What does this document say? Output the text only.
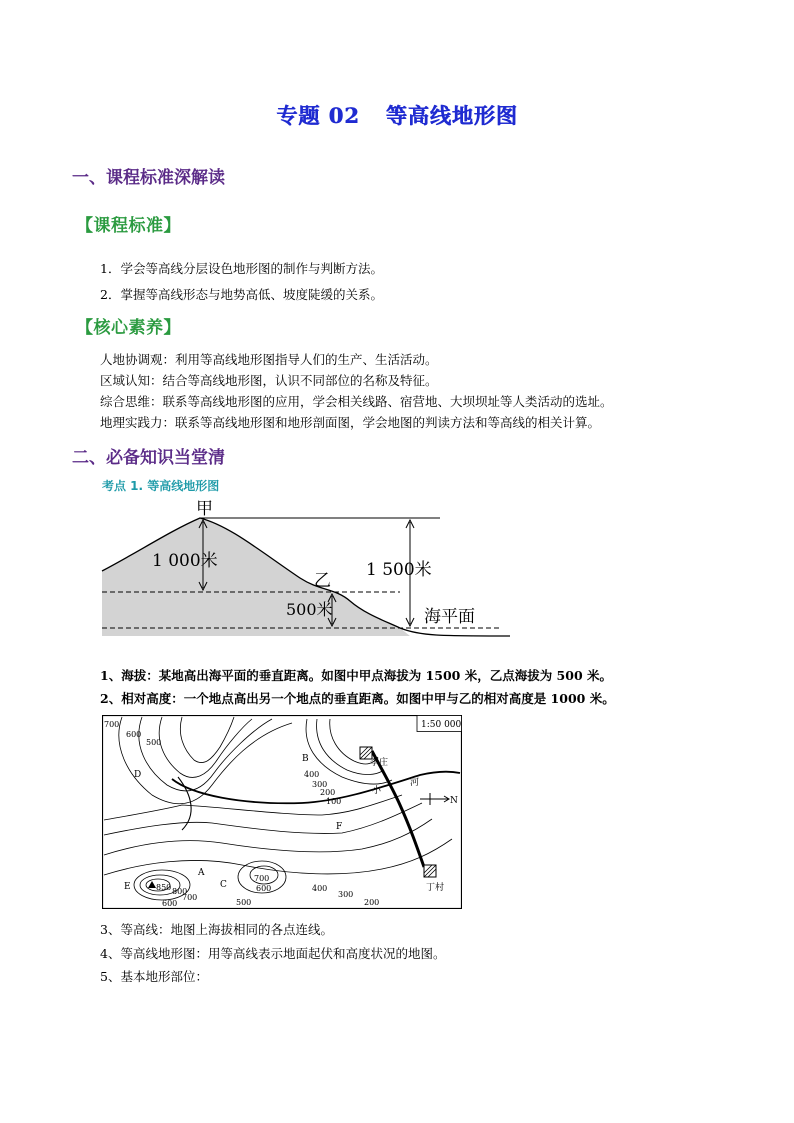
专题 02 等高线地形图
一、课程标准深解读
【课程标准】
1．学会等高线分层设色地形图的制作与判断方法。
2．掌握等高线形态与地势高低、坡度陡缓的关系。
【核心素养】
人地协调观：利用等高线地形图指导人们的生产、生活活动。
区域认知：结合等高线地形图，认识不同部位的名称及特征。
综合思维：联系等高线地形图的应用，学会相关线路、宿营地、大坝坝址等人类活动的选址。
地理实践力：联系等高线地形图和地形剖面图，学会地图的判读方法和等高线的相关计算。
二、必备知识当堂清
考点 1. 等高线地形图
甲
1 000米
乙
500米
1 500米
海平面
1、海拔：某地高出海平面的垂直距离。如图中甲点海拔为 1500 米，乙点海拔为 500 米。
2、相对高度：一个地点高出另一个地点的垂直距离。如图中甲与乙的相对高度是 1000 米。
1:50 000
N
李庄
丁村
河
小
700
600
500
400
300
200
100
850 800
700
600	500
700
600	400
300
200
A
B
C
D
E
F
3、等高线：地图上海拔相同的各点连线。
4、等高线地形图：用等高线表示地面起伏和高度状况的地图。
5、基本地形部位：
